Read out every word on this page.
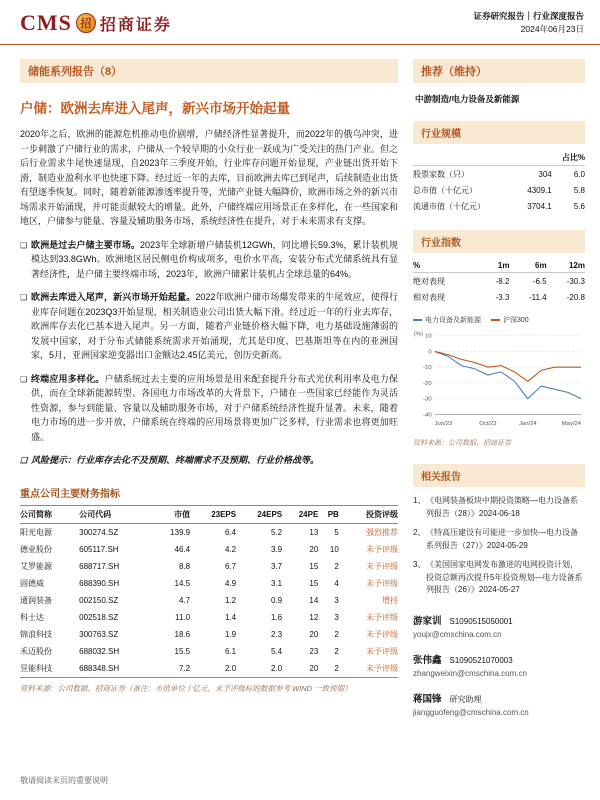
CMS 招 招商证券
证券研究报告｜行业深度报告
2024年06月23日
储能系列报告（8）
户储：欧洲去库进入尾声，新兴市场开始起量
2020年之后，欧洲的能源危机推动电价剧增，户储经济性显著提升，而2022年的俄乌冲突，进一步刺激了户储行业的需求，户储从一个较早期的小众行业一跃成为广受关注的热门产业。但之后行业需求牛尾快速显现，自2023年三季度开始，行业库存问题开始显现，产业链出货开始下滑，制造业盈利水平也快速下降。经过近一年的去库，目前欧洲去库已到尾声，后续制造业出货有望逐季恢复。同时，随着新能源渗透率提升等，光储产业链大幅降价，欧洲市场之外的新兴市场需求开始涌现，并可能贡献较大的增量。此外，户储终端应用场景正在多样化，在一些国家和地区，户储参与能量、容量及辅助服务市场，系统经济性在提升，对于未来需求有支撑。
❑ 欧洲是过去户储主要市场。2023年全球新增户储装机12GWh，同比增长59.3%，累计装机规模达到33.8GWh。欧洲地区居民侧电价构成项多，电价水平高，安装分布式光储系统具有显著经济性，是户储主要终端市场，2023年，欧洲户储累计装机占全球总量的64%。
❑ 欧洲去库进入尾声，新兴市场开始起量。2022年欧洲户储市场爆发带来的牛尾效应，使得行业库存问题在2023Q3开始显现，相关制造业公司出货大幅下滑。经过近一年的行业去库存，欧洲库存去化已基本进入尾声。另一方面，随着产业链价格大幅下降，电力基础设施薄弱的发展中国家，对于分布式储能系统需求开始涌现，尤其是印度、巴基斯坦等在内的亚洲国家，5月，亚洲国家逆变器出口金额达2.45亿美元，创历史新高。
❑ 终端应用多样化。户储系统过去主要的应用场景是用来配套提升分布式光伏利用率及电力保供，而在全球新能源转型、各国电力市场改革的大背景下，户储在一些国家已经能作为灵活性资源，参与到能量、容量以及辅助服务市场，对于户储系统经济性提升显著。未来，随着电力市场的进一步开放，户储系统在终端的应用场景将更加广泛多样，行业需求也将更加旺盛。
❑ 风险提示：行业库存去化不及预期、终端需求不及预期、行业价格战等。
重点公司主要财务指标
公司简称	公司代码	市值	23EPS	24EPS	24PE	PB	投资评级
阳光电源	300274.SZ	139.9	6.4	5.2	13	5	强烈推荐
德业股份	605117.SH	46.4	4.2	3.9	20	10	未予评级
艾罗能源	688717.SH	8.8	6.7	3.7	15	2	未予评级
固德威	688390.SH	14.5	4.9	3.1	15	4	未予评级
通润装备	002150.SZ	4.7	1.2	0.9	14	3	增持
科士达	002518.SZ	11.0	1.4	1.6	12	3	未予评级
锦浪科技	300763.SZ	18.6	1.9	2.3	20	2	未予评级
禾迈股份	688032.SH	15.5	6.1	5.4	23	2	未予评级
昱能科技	688348.SH	7.2	2.0	2.0	20	2	未予评级
资料来源：公司数据、招商证券（备注：市值单位十亿元，未予评级标的数据参考 WIND 一致预期）
推荐（维持）
中游制造/电力设备及新能源
行业规模
		占比%
股票家数（只）	304	6.0
总市值（十亿元）	4309.1	5.8
流通市值（十亿元）	3704.1	5.6
行业指数
%	1m	6m	12m
绝对表现	-8.2	-6.5	-30.3
相对表现	-3.3	-11.4	-20.8
电力设备及新能源	沪深300
10
0
-10
-20
-30
-40
(%)
Jun/23	Oct/23	Jan/24	May/24
资料来源：公司数据、招商证券
相关报告
1、 《电网装备板块中期投资策略—电力设备系列报告（28）》2024-06-18
2、 《特高压建设有可能进一步加快—电力设备系列报告（27）》2024-05-29
3、 《美国国家电网发布激进的电网投资计划，投资总额再次提升5年投资规划—电力设备系列报告（26）》2024-05-27
游家训 S1090515050001
youjx@cmschina.com.cn
张伟鑫 S1090521070003
zhangweixin@cmschina.com.cn
蒋国锋 研究助理
jiangguofeng@cmschina.com.cn
敬请阅读末页的重要说明
